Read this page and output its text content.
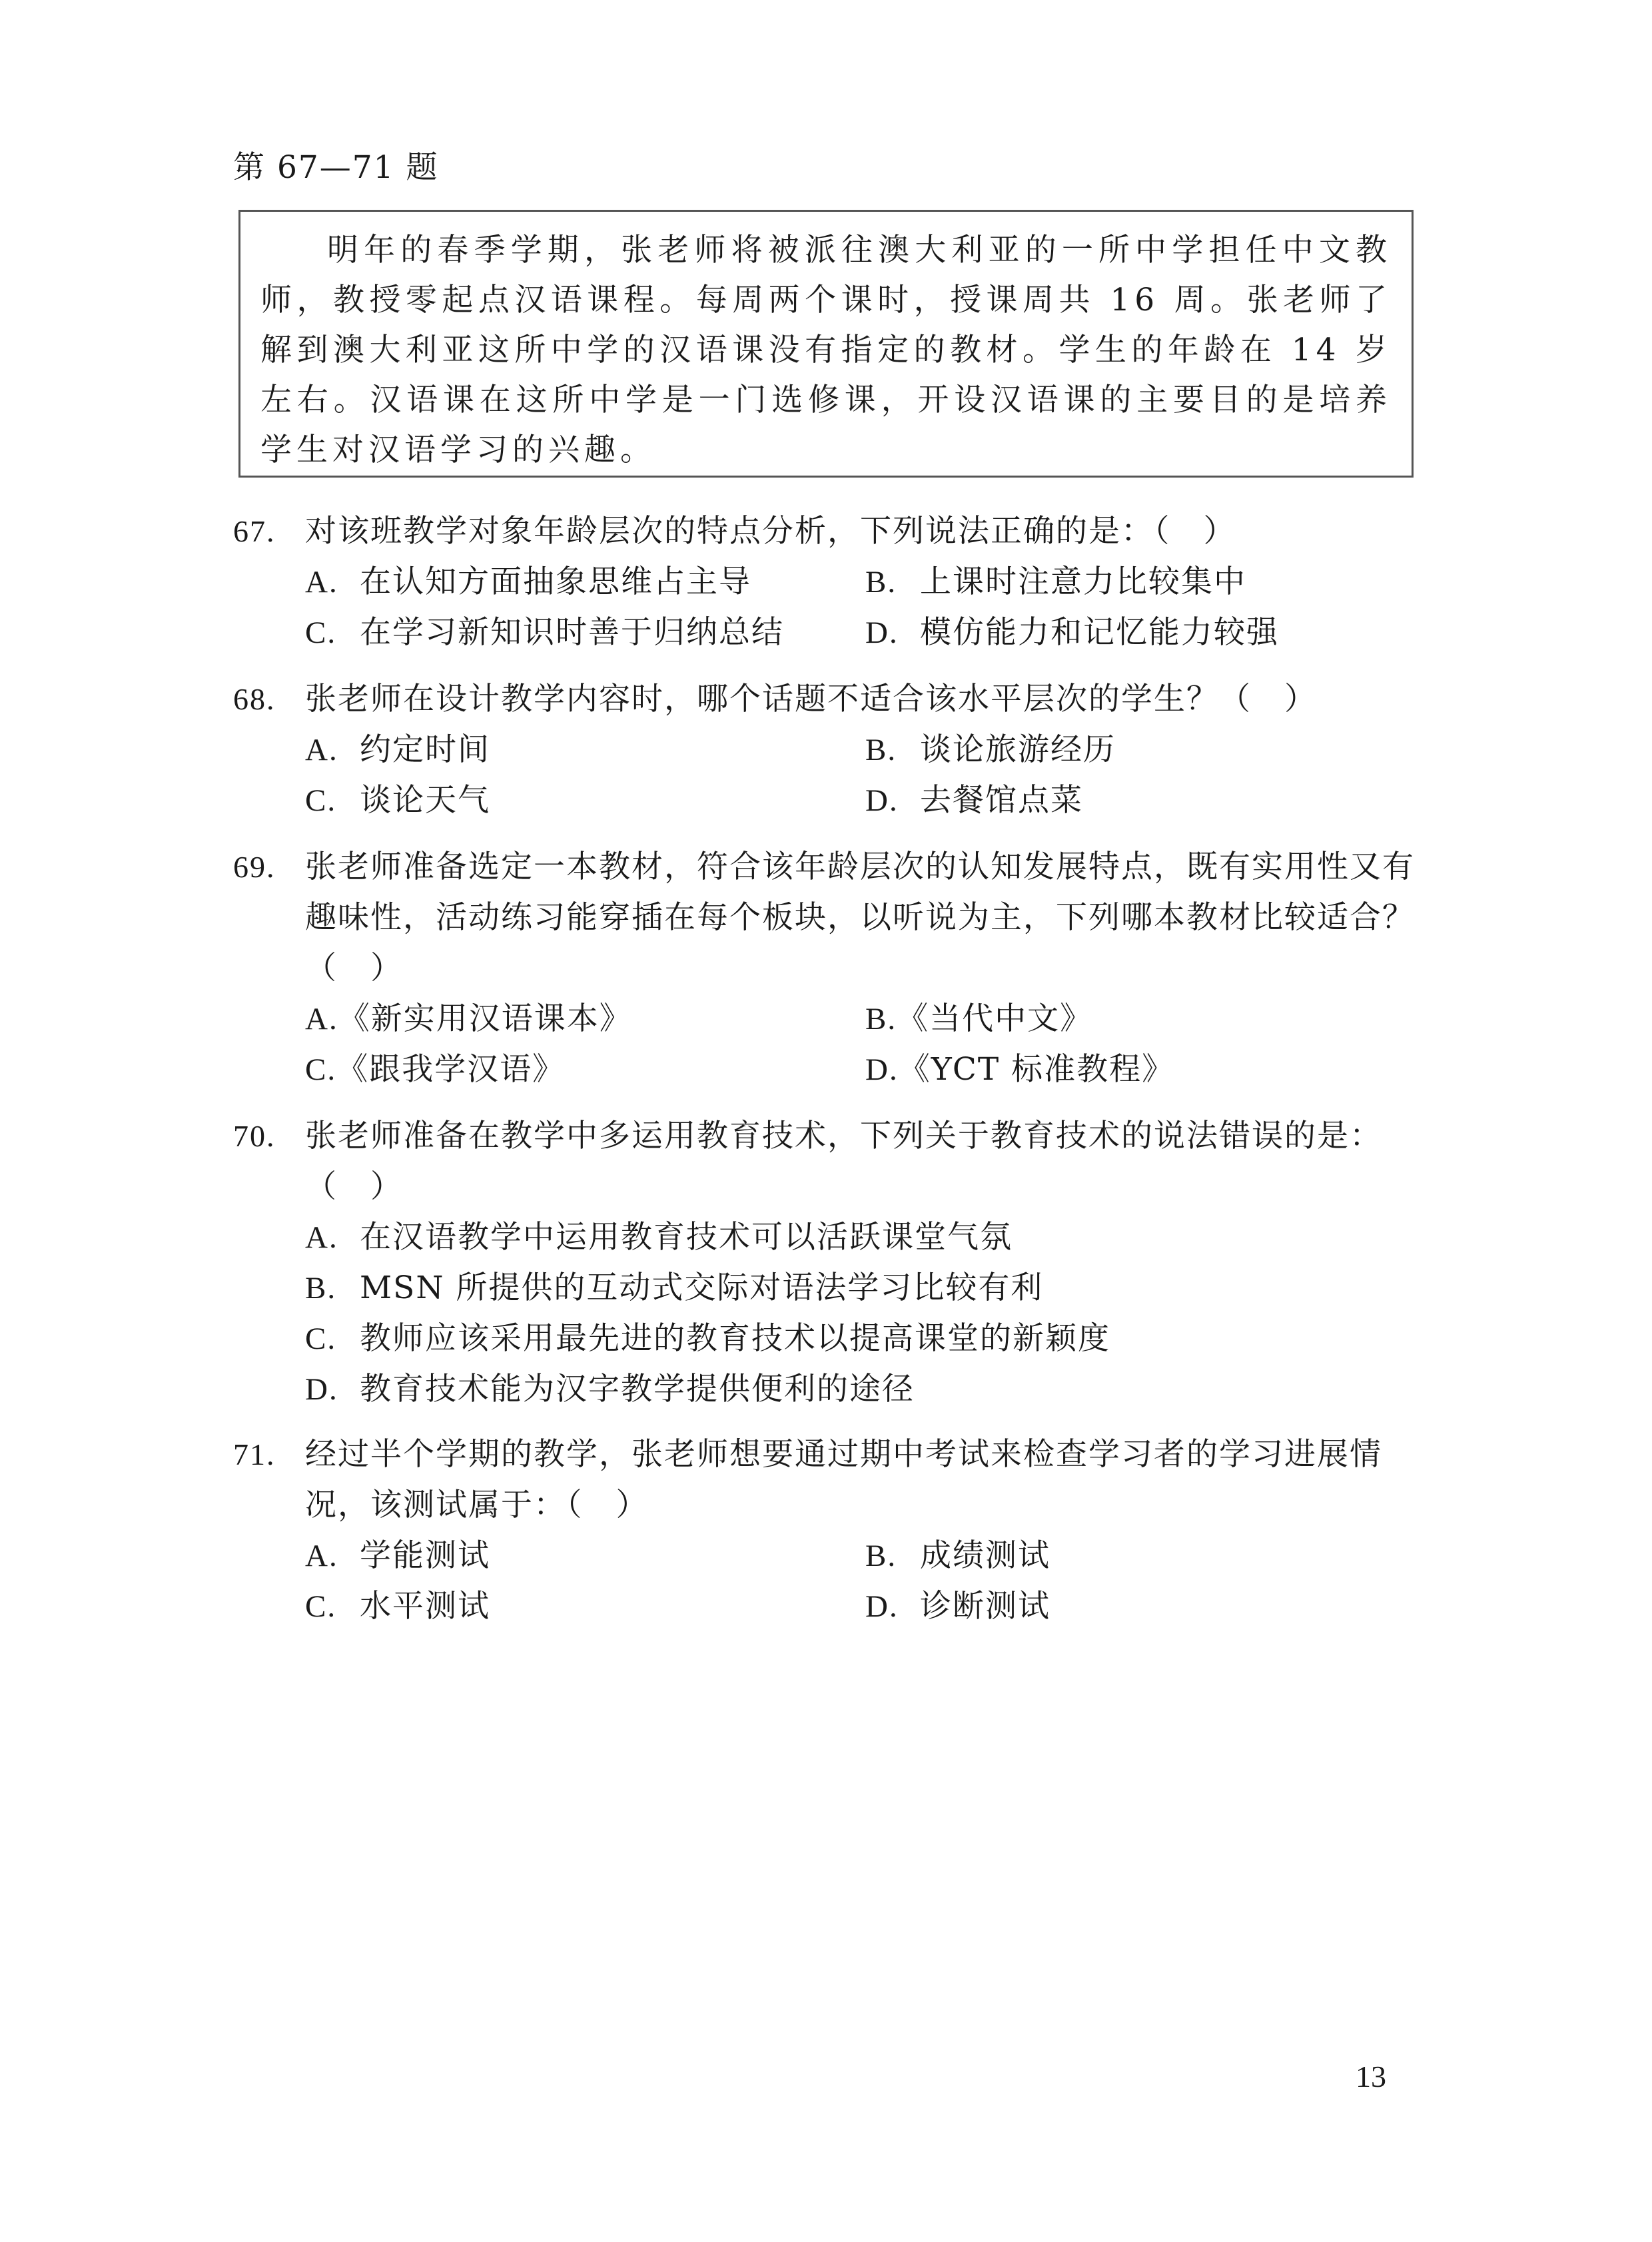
第 67—71 题

明年的春季学期，张老师将被派往澳大利亚的一所中学担任中文教师，教授零起点汉语课程。每周两个课时，授课周共 16 周。张老师了解到澳大利亚这所中学的汉语课没有指定的教材。学生的年龄在 14 岁左右。汉语课在这所中学是一门选修课，开设汉语课的主要目的是培养学生对汉语学习的兴趣。

67. 对该班教学对象年龄层次的特点分析，下列说法正确的是：（　）
A. 在认知方面抽象思维占主导	B. 上课时注意力比较集中
C. 在学习新知识时善于归纳总结	D. 模仿能力和记忆能力较强
68. 张老师在设计教学内容时，哪个话题不适合该水平层次的学生？（　）
A. 约定时间	B. 谈论旅游经历
C. 谈论天气	D. 去餐馆点菜
69. 张老师准备选定一本教材，符合该年龄层次的认知发展特点，既有实用性又有趣味性，活动练习能穿插在每个板块，以听说为主，下列哪本教材比较适合？（　）
A.《新实用汉语课本》	B.《当代中文》
C.《跟我学汉语》	D.《YCT 标准教程》
70. 张老师准备在教学中多运用教育技术，下列关于教育技术的说法错误的是：（　）
A. 在汉语教学中运用教育技术可以活跃课堂气氛
B. MSN 所提供的互动式交际对语法学习比较有利
C. 教师应该采用最先进的教育技术以提高课堂的新颖度
D. 教育技术能为汉字教学提供便利的途径
71. 经过半个学期的教学，张老师想要通过期中考试来检查学习者的学习进展情况，该测试属于：（　）
A. 学能测试	B. 成绩测试
C. 水平测试	D. 诊断测试
13
